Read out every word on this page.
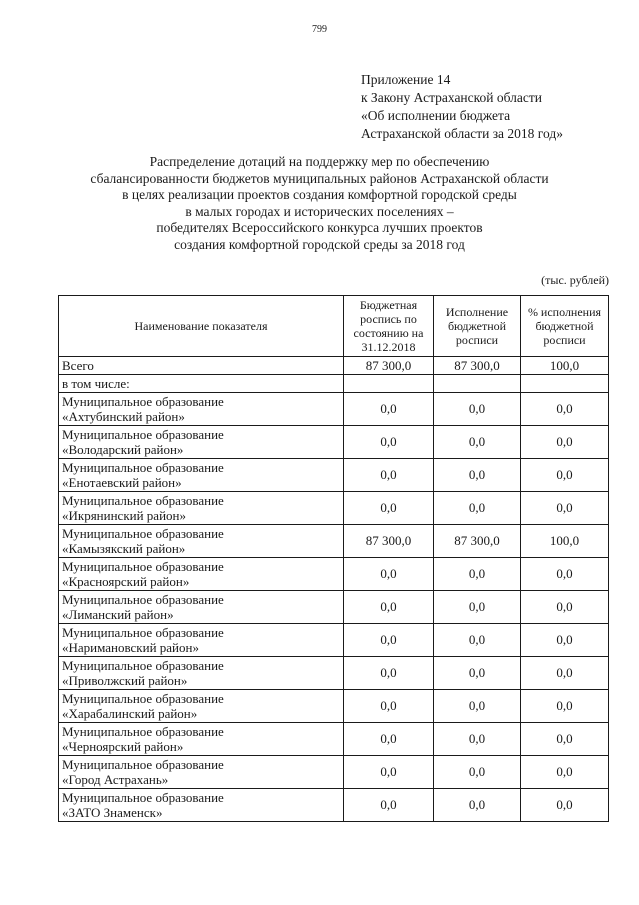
799
Приложение 14
к Закону Астраханской области
«Об исполнении бюджета
Астраханской области за 2018 год»
Распределение дотаций на поддержку мер по обеспечению
сбалансированности бюджетов муниципальных районов Астраханской области
в целях реализации проектов создания комфортной городской среды
в малых городах и исторических поселениях –
победителях Всероссийского конкурса лучших проектов
создания комфортной городской среды за 2018 год
(тыс. рублей)
Наименование показателя	Бюджетная роспись по состоянию на 31.12.2018	Исполнение бюджетной росписи	% исполнения бюджетной росписи

Всего	87 300,0	87 300,0	100,0

в том числе:			

Муниципальное образование
«Ахтубинский район»	0,0	0,0	0,0

Муниципальное образование
«Володарский район»	0,0	0,0	0,0

Муниципальное образование
«Енотаевский район»	0,0	0,0	0,0

Муниципальное образование
«Икрянинский район»	0,0	0,0	0,0

Муниципальное образование
«Камызякский район»	87 300,0	87 300,0	100,0

Муниципальное образование
«Красноярский район»	0,0	0,0	0,0

Муниципальное образование
«Лиманский район»	0,0	0,0	0,0

Муниципальное образование
«Наримановский район»	0,0	0,0	0,0

Муниципальное образование
«Приволжский район»	0,0	0,0	0,0

Муниципальное образование
«Харабалинский район»	0,0	0,0	0,0

Муниципальное образование
«Черноярский район»	0,0	0,0	0,0

Муниципальное образование
«Город Астрахань»	0,0	0,0	0,0

Муниципальное образование
«ЗАТО Знаменск»	0,0	0,0	0,0
